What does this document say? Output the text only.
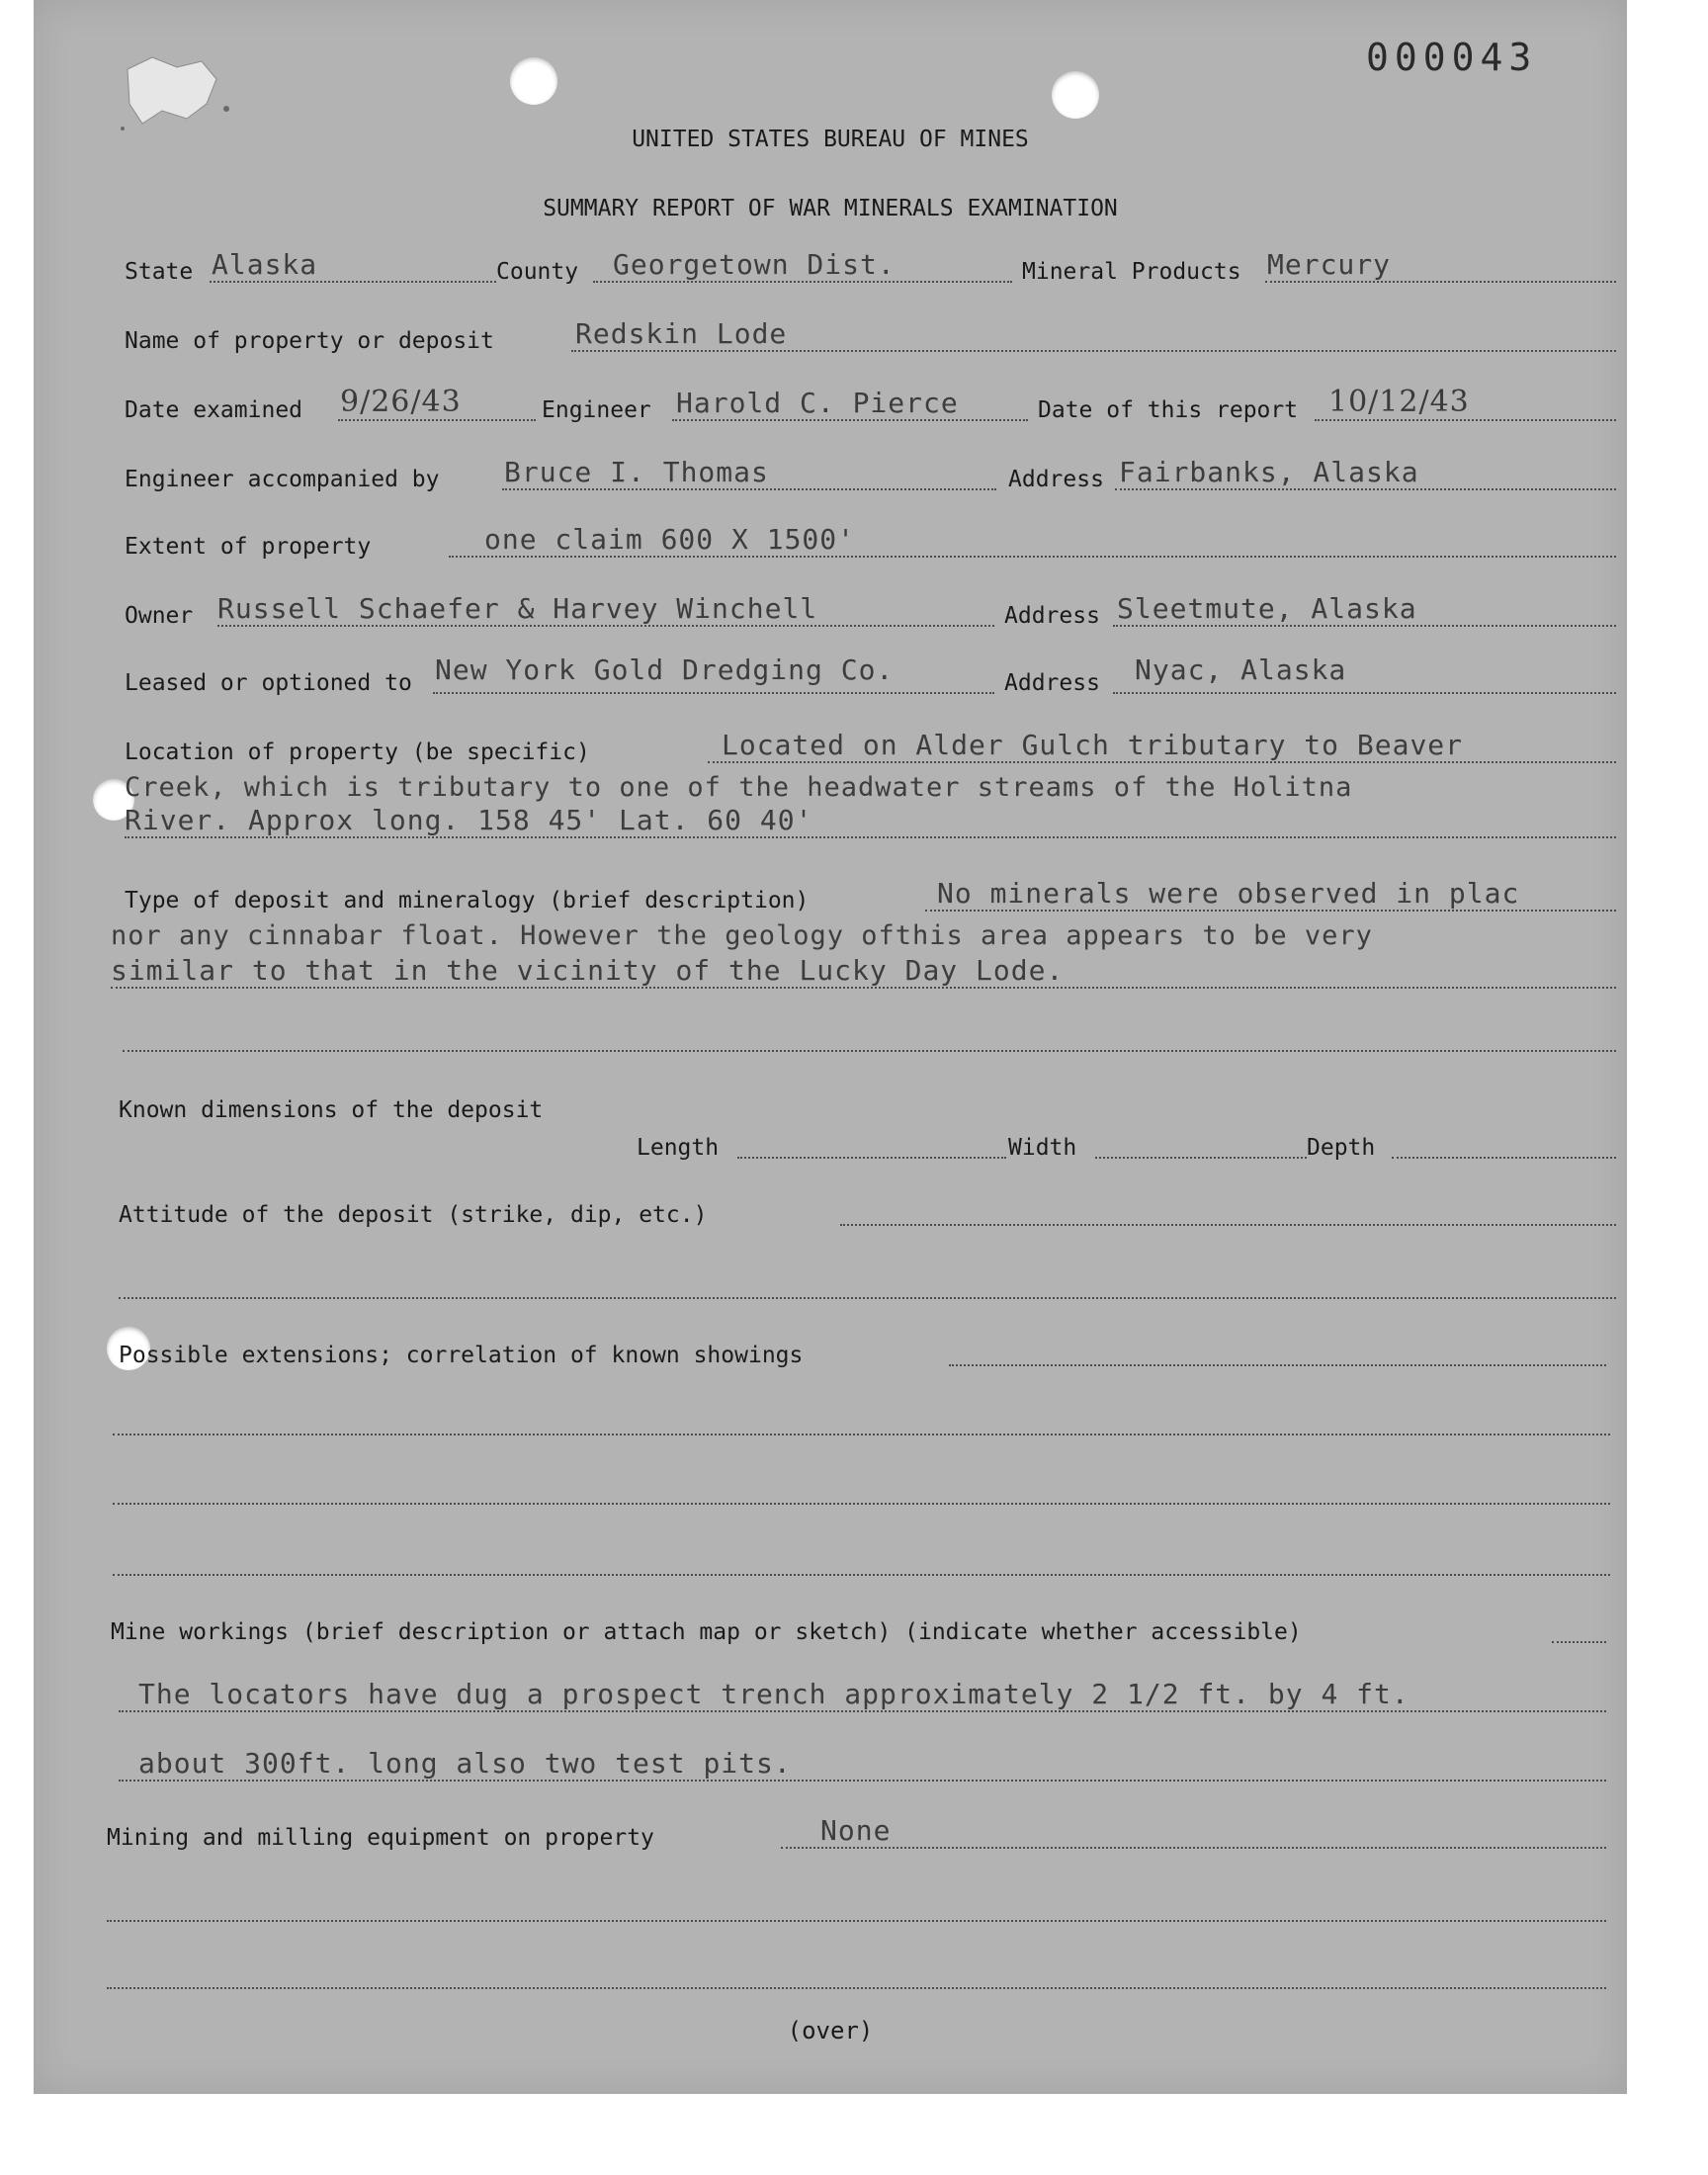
000043
UNITED STATES BUREAU OF MINES
SUMMARY REPORT OF WAR MINERALS EXAMINATION
State Alaska	County Georgetown Dist.	Mineral Products Mercury
Name of property or deposit	Redskin Lode
Date examined 9/26/43	Engineer Harold C. Pierce	Date of this report 10/12/43
Engineer accompanied by Bruce I. Thomas	Address Fairbanks, Alaska
Extent of property	one claim 600 X 1500'
Owner Russell Schaefer & Harvey Winchell	Address Sleetmute, Alaska
Leased or optioned to New York Gold Dredging Co.	Address Nyac, Alaska
Location of property (be specific)	Located on Alder Gulch tributary to Beaver
Creek, which is tributary to one of the headwater streams of the Holitna
River. Approx long. 158 45' Lat. 60 40'
Type of deposit and mineralogy (brief description)	No minerals were observed in plac
nor any cinnabar float. However the geology ofthis area appears to be very
similar to that in the vicinity of the Lucky Day Lode.
Known dimensions of the deposit
Length	Width	Depth
Attitude of the deposit (strike, dip, etc.)
Possible extensions; correlation of known showings
Mine workings (brief description or attach map or sketch) (indicate whether accessible)
The locators have dug a prospect trench approximately 2 1/2 ft. by 4 ft.
about 300ft. long also two test pits.
Mining and milling equipment on property	None
(over)
